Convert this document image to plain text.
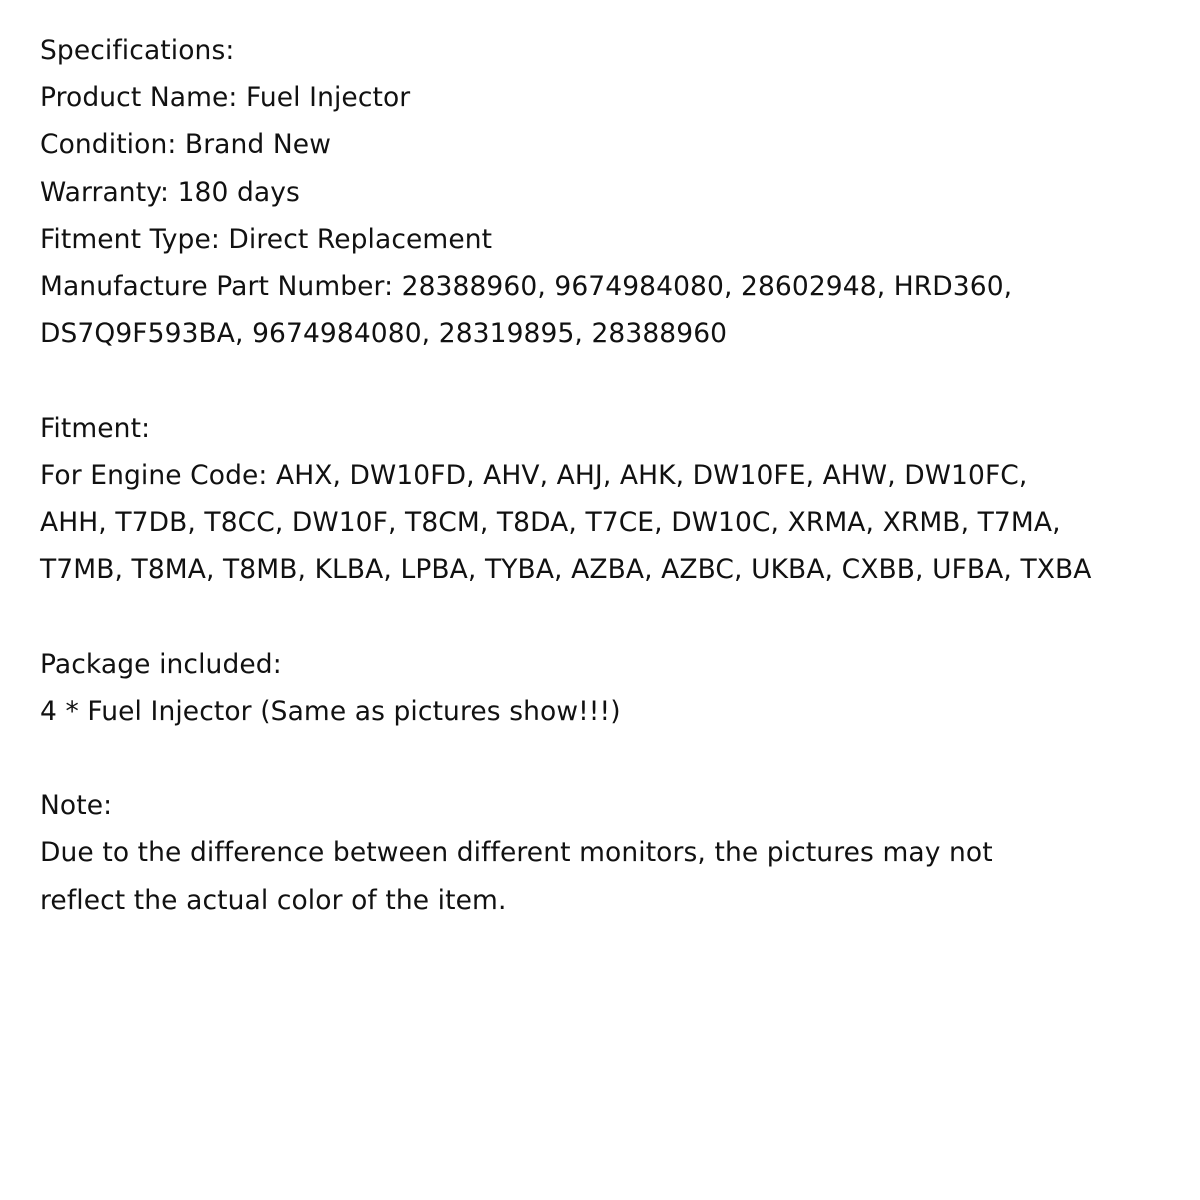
Specifications:
Product Name: Fuel Injector
Condition: Brand New
Warranty: 180 days
Fitment Type: Direct Replacement
Manufacture Part Number: 28388960, 9674984080, 28602948, HRD360,
DS7Q9F593BA, 9674984080, 28319895, 28388960
Fitment:
For Engine Code: AHX, DW10FD, AHV, AHJ, AHK, DW10FE, AHW, DW10FC,
AHH, T7DB, T8CC, DW10F, T8CM, T8DA, T7CE, DW10C, XRMA, XRMB, T7MA,
T7MB, T8MA, T8MB, KLBA, LPBA, TYBA, AZBA, AZBC, UKBA, CXBB, UFBA, TXBA
Package included:
4 * Fuel Injector (Same as pictures show!!!)
Note:
Due to the difference between different monitors, the pictures may not
reflect the actual color of the item.
